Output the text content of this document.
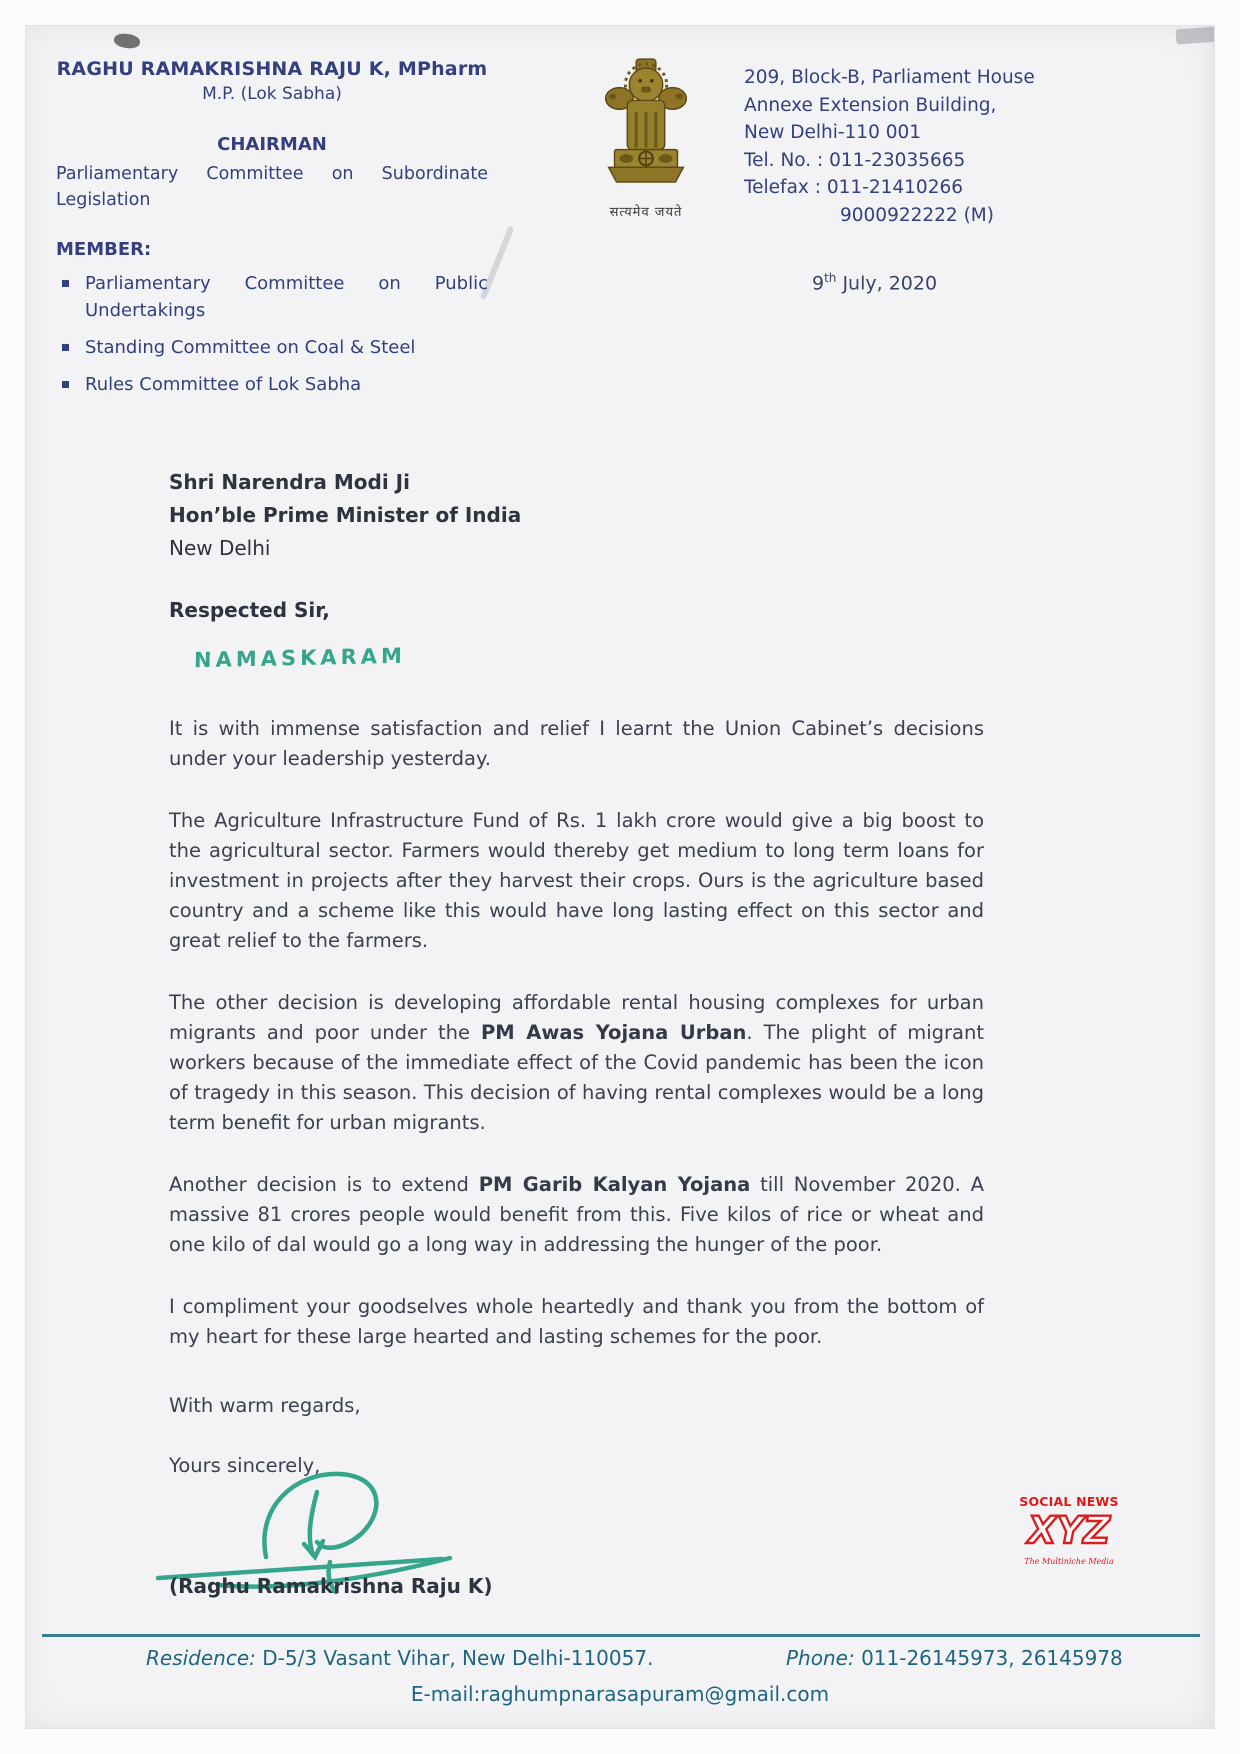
RAGHU RAMAKRISHNA RAJU K, MPharm
M.P. (Lok Sabha)
CHAIRMAN
Parliamentary Committee on Subordinate Legislation
MEMBER:
Parliamentary Committee on Public Undertakings
Standing Committee on Coal & Steel
Rules Committee of Lok Sabha
सत्यमेव जयते
209, Block-B, Parliament House
Annexe Extension Building,
New Delhi-110 001
Tel. No. : 011-23035665
Telefax : 011-21410266
9000922222 (M)
9th July, 2020
Shri Narendra Modi Ji
Hon’ble Prime Minister of India
New Delhi
Respected Sir,
NAMASKARAM

It is with immense satisfaction and relief I learnt the Union Cabinet’s decisions under your leadership yesterday.

The Agriculture Infrastructure Fund of Rs. 1 lakh crore would give a big boost to the agricultural sector. Farmers would thereby get medium to long term loans for investment in projects after they harvest their crops. Ours is the agriculture based country and a scheme like this would have long lasting effect on this sector and great relief to the farmers.

The other decision is developing affordable rental housing complexes for urban migrants and poor under the PM Awas Yojana Urban. The plight of migrant workers because of the immediate effect of the Covid pandemic has been the icon of tragedy in this season. This decision of having rental complexes would be a long term benefit for urban migrants.

Another decision is to extend PM Garib Kalyan Yojana till November 2020. A massive 81 crores people would benefit from this. Five kilos of rice or wheat and one kilo of dal would go a long way in addressing the hunger of the poor.

I compliment your goodselves whole heartedly and thank you from the bottom of my heart for these large hearted and lasting schemes for the poor.

With warm regards,
Yours sincerely,
(Raghu Ramakrishna Raju K)
SOCIAL NEWS
XYZ
The Multiniche Media
Residence: D-5/3 Vasant Vihar, New Delhi-110057.	Phone: 011-26145973, 26145978
E-mail:raghumpnarasapuram@gmail.com
